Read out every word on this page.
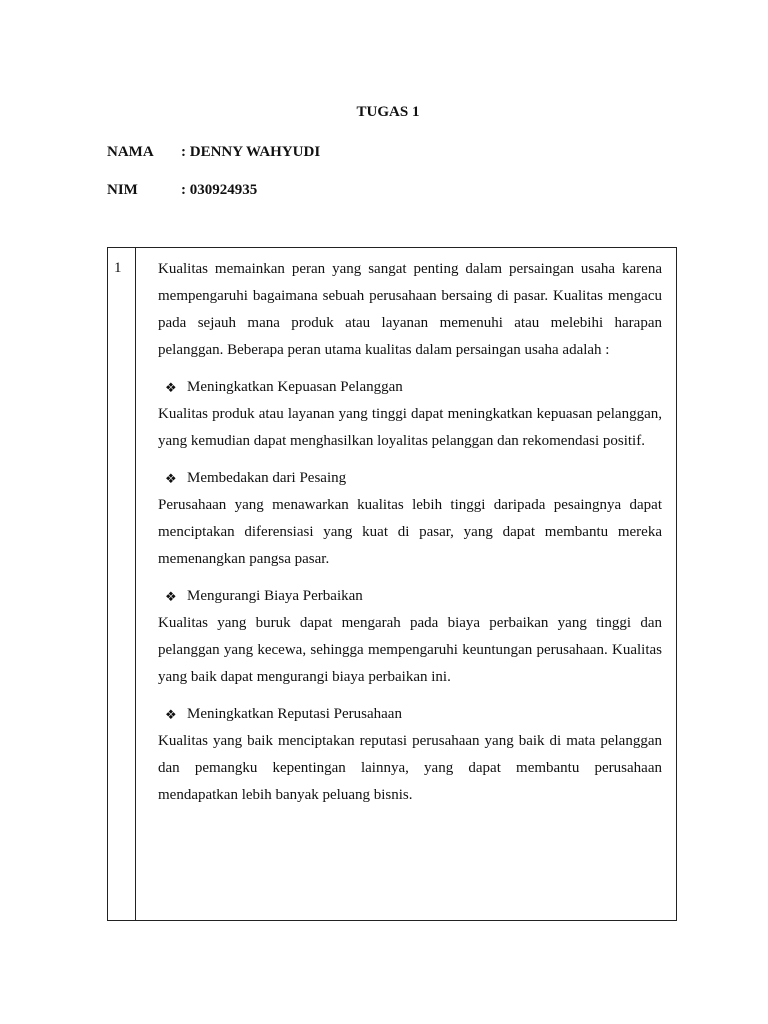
TUGAS 1
NAMA : DENNY WAHYUDI
NIM	: 030924935
1 Kualitas memainkan peran yang sangat penting dalam persaingan usaha karena mempengaruhi bagaimana sebuah perusahaan bersaing di pasar. Kualitas mengacu pada sejauh mana produk atau layanan memenuhi atau melebihi harapan pelanggan. Beberapa peran utama kualitas dalam persaingan usaha adalah :

❖ Meningkatkan Kepuasan Pelanggan

Kualitas produk atau layanan yang tinggi dapat meningkatkan kepuasan pelanggan, yang kemudian dapat menghasilkan loyalitas pelanggan dan rekomendasi positif.

❖ Membedakan dari Pesaing

Perusahaan yang menawarkan kualitas lebih tinggi daripada pesaingnya dapat menciptakan diferensiasi yang kuat di pasar, yang dapat membantu mereka memenangkan pangsa pasar.

❖ Mengurangi Biaya Perbaikan

Kualitas yang buruk dapat mengarah pada biaya perbaikan yang tinggi dan pelanggan yang kecewa, sehingga mempengaruhi keuntungan perusahaan. Kualitas yang baik dapat mengurangi biaya perbaikan ini.

❖ Meningkatkan Reputasi Perusahaan

Kualitas yang baik menciptakan reputasi perusahaan yang baik di mata pelanggan dan pemangku kepentingan lainnya, yang dapat membantu perusahaan mendapatkan lebih banyak peluang bisnis.
